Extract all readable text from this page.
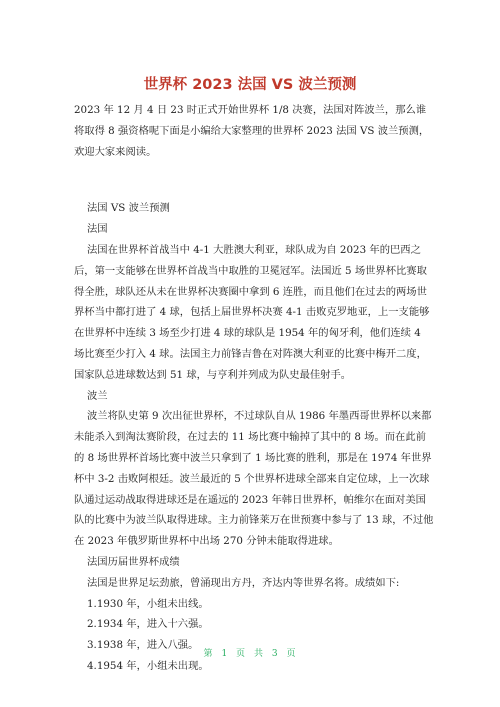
世界杯 2023 法国 VS 波兰预测

2023 年 12 月 4 日 23 时正式开始世界杯 1/8 决赛，法国对阵波兰，那么谁将取得 8 强资格呢下面是小编给大家整理的世界杯 2023 法国 VS 波兰预测，欢迎大家来阅读。

法国 VS 波兰预测

法国

法国在世界杯首战当中 4-1 大胜澳大利亚，球队成为自 2023 年的巴西之后，第一支能够在世界杯首战当中取胜的卫冕冠军。法国近 5 场世界杯比赛取得全胜，球队还从未在世界杯决赛圈中拿到 6 连胜，而且他们在过去的两场世界杯当中都打进了 4 球，包括上届世界杯决赛 4-1 击败克罗地亚，上一支能够在世界杯中连续 3 场至少打进 4 球的球队是 1954 年的匈牙利，他们连续 4 场比赛至少打入 4 球。法国主力前锋吉鲁在对阵澳大利亚的比赛中梅开二度，国家队总进球数达到 51 球，与亨利并列成为队史最佳射手。

波兰

波兰将队史第 9 次出征世界杯，不过球队自从 1986 年墨西哥世界杯以来都未能杀入到淘汰赛阶段，在过去的 11 场比赛中输掉了其中的 8 场。而在此前的 8 场世界杯首场比赛中波兰只拿到了 1 场比赛的胜利，那是在 1974 年世界杯中 3-2 击败阿根廷。波兰最近的 5 个世界杯进球全部来自定位球，上一次球队通过运动战取得进球还是在遥远的 2023 年韩日世界杯，帕维尔在面对美国队的比赛中为波兰队取得进球。主力前锋莱万在世预赛中参与了 13 球，不过他在 2023 年俄罗斯世界杯中出场 270 分钟未能取得进球。

法国历届世界杯成绩

法国是世界足坛劲旅，曾涌现出方丹，齐达内等世界名将。成绩如下:

1.1930 年，小组未出线。

2.1934 年，进入十六强。

3.1938 年，进入八强。

4.1954 年，小组未出现。

第 1 页 共 3 页
